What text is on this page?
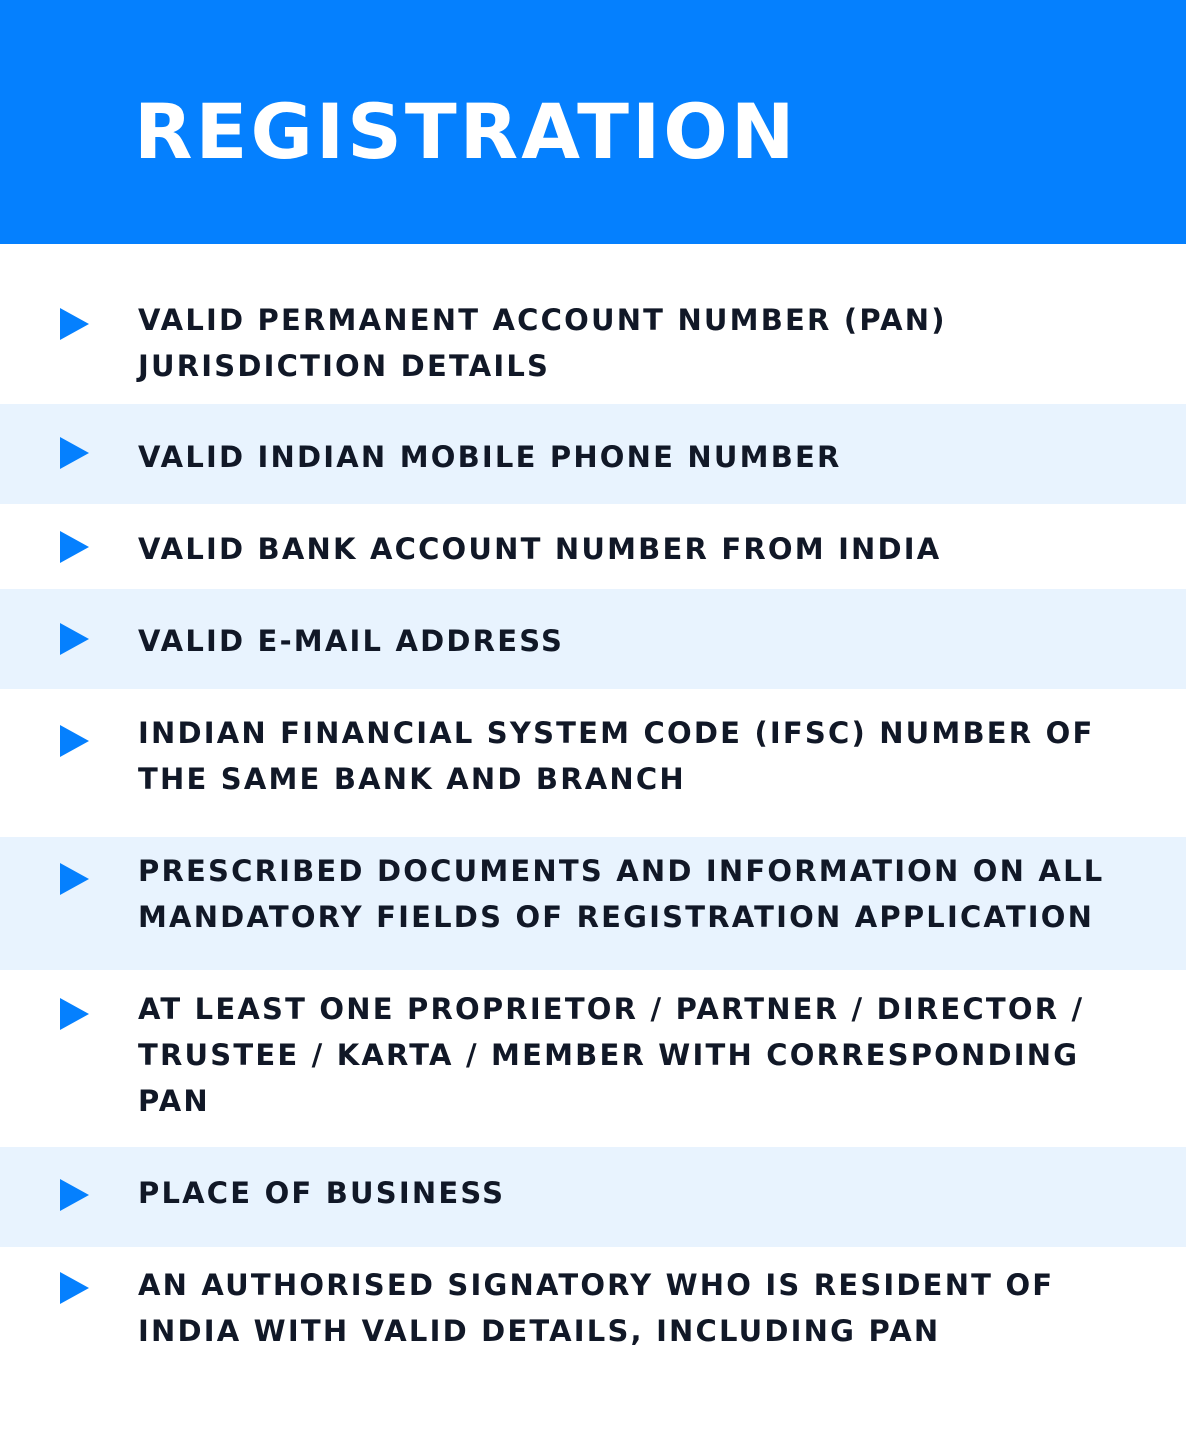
REGISTRATION

VALID PERMANENT ACCOUNT NUMBER (PAN)
JURISDICTION DETAILS

VALID INDIAN MOBILE PHONE NUMBER

VALID BANK ACCOUNT NUMBER FROM INDIA

VALID E-MAIL ADDRESS

INDIAN FINANCIAL SYSTEM CODE (IFSC) NUMBER OF
THE SAME BANK AND BRANCH

PRESCRIBED DOCUMENTS AND INFORMATION ON ALL
MANDATORY FIELDS OF REGISTRATION APPLICATION

AT LEAST ONE PROPRIETOR / PARTNER / DIRECTOR /
TRUSTEE / KARTA / MEMBER WITH CORRESPONDING
PAN

PLACE OF BUSINESS

AN AUTHORISED SIGNATORY WHO IS RESIDENT OF
INDIA WITH VALID DETAILS, INCLUDING PAN
